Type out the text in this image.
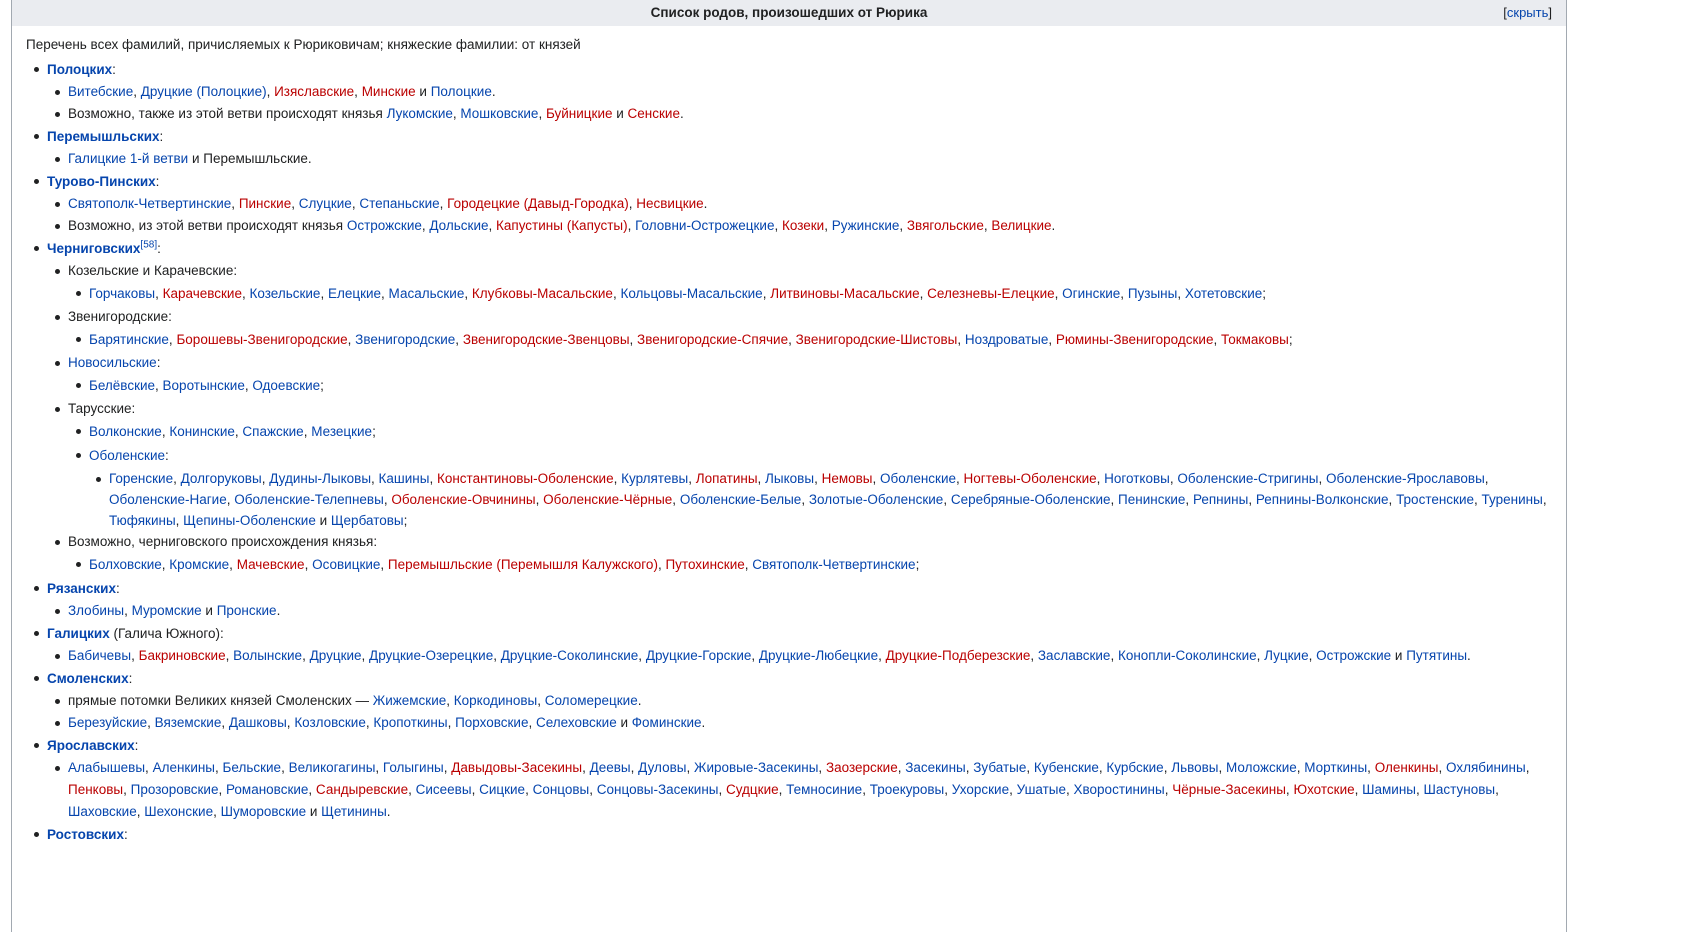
Список родов, произошедших от Рюрика	[скрыть]
Перечень всех фамилий, причисляемых к Рюриковичам; княжеские фамилии: от князей
Полоцких:
Витебские, Друцкие (Полоцкие), Изяславские, Минские и Полоцкие.
Возможно, также из этой ветви происходят князья Лукомские, Мошковские, Буйницкие и Сенские.
Перемышльских:
Галицкие 1-й ветви и Перемышльские.
Турово-Пинских:
Святополк-Четвертинские, Пинские, Слуцкие, Степаньские, Городецкие (Давыд-Городка), Несвицкие.
Возможно, из этой ветви происходят князья Острожские, Дольские, Капустины (Капусты), Головни-Острожецкие, Козеки, Ружинские, Звягольские, Велицкие.
Черниговских[58]:
Козельские и Карачевские:
Горчаковы, Карачевские, Козельские, Елецкие, Масальские, Клубковы-Масальские, Кольцовы-Масальские, Литвиновы-Масальские, Селезневы-Елецкие, Огинские, Пузыны, Хотетовские;
Звенигородские:
Барятинские, Борошевы-Звенигородские, Звенигородские, Звенигородские-Звенцовы, Звенигородские-Спячие, Звенигородские-Шистовы, Ноздроватые, Рюмины-Звенигородские, Токмаковы;
Новосильские:
Белёвские, Воротынские, Одоевские;
Тарусские:
Волконские, Конинские, Спажские, Мезецкие;
Оболенские:
Горенские, Долгоруковы, Дудины-Лыковы, Кашины, Константиновы-Оболенские, Курлятевы, Лопатины, Лыковы, Немовы, Оболенские, Ногтевы-Оболенские, Ноготковы, Оболенские-Стригины, Оболенские-Ярославовы, Оболенские-Нагие, Оболенские-Телепневы, Оболенские-Овчинины, Оболенские-Чёрные, Оболенские-Белые, Золотые-Оболенские, Серебряные-Оболенские, Пенинские, Репнины, Репнины-Волконские, Тростенские, Туренины, Тюфякины, Щепины-Оболенские и Щербатовы;
Возможно, черниговского происхождения князья:
Болховские, Кромские, Мачевские, Осовицкие, Перемышльские (Перемышля Калужского), Путохинские, Святополк-Четвертинские;
Рязанских:
Злобины, Муромские и Пронские.
Галицких (Галича Южного):
Бабичевы, Бакриновские, Волынские, Друцкие, Друцкие-Озерецкие, Друцкие-Соколинские, Друцкие-Горские, Друцкие-Любецкие, Друцкие-Подберезские, Заславские, Конопли-Соколинские, Луцкие, Острожские и Путятины.
Смоленских:
прямые потомки Великих князей Смоленских — Жижемские, Коркодиновы, Соломерецкие.
Березуйские, Вяземские, Дашковы, Козловские, Кропоткины, Порховские, Селеховские и Фоминские.
Ярославских:
Алабышевы, Аленкины, Бельские, Великогагины, Голыгины, Давыдовы-Засекины, Деевы, Дуловы, Жировые-Засекины, Заозерские, Засекины, Зубатые, Кубенские, Курбские, Львовы, Моложские, Морткины, Оленкины, Охлябинины, Пенковы, Прозоровские, Романовские, Сандыревские, Сисеевы, Сицкие, Сонцовы, Сонцовы-Засекины, Судцкие, Темносиние, Троекуровы, Ухорские, Ушатые, Хворостинины, Чёрные-Засекины, Юхотские, Шамины, Шастуновы, Шаховские, Шехонские, Шуморовские и Щетинины.
Ростовских:
